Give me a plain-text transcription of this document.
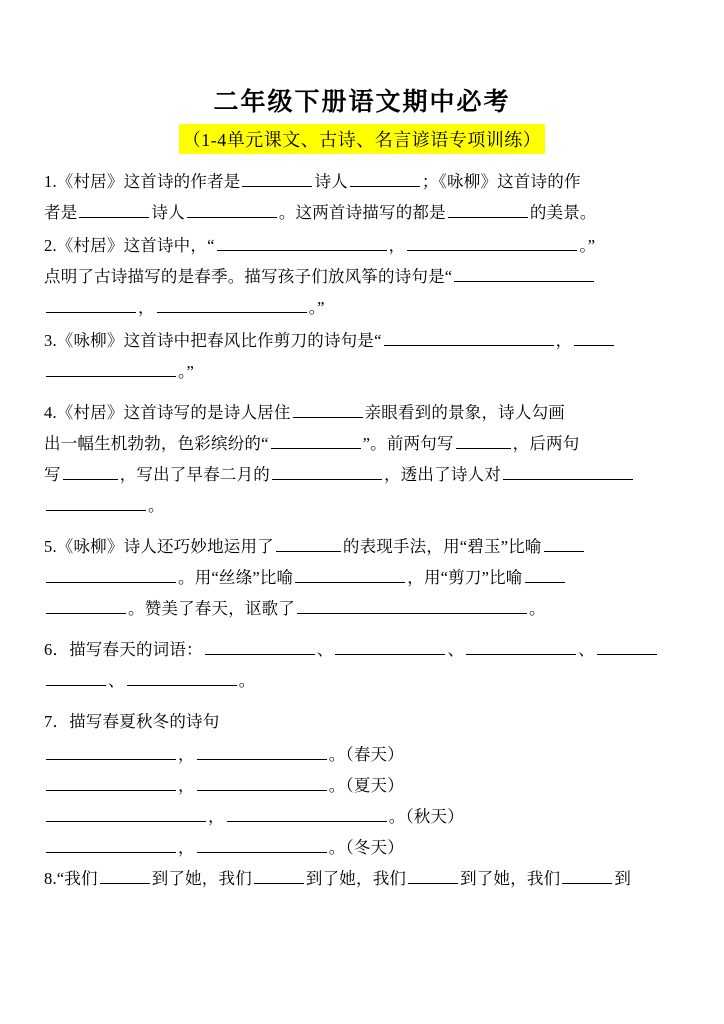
二年级下册语文期中必考
（1-4单元课文、古诗、名言谚语专项训练）

1.《村居》这首诗的作者是	诗人	；《咏柳》这首诗的作
者是	诗人	。这两首诗描写的都是	的美景。

2.《村居》这首诗中，“	，	。”
点明了古诗描写的是春季。描写孩子们放风筝的诗句是“
，	。”

3.《咏柳》这首诗中把春风比作剪刀的诗句是“	，
。”

4.《村居》这首诗写的是诗人居住	亲眼看到的景象，诗人勾画
出一幅生机勃勃，色彩缤纷的“	”。前两句写	，后两句
写	，写出了早春二月的	，透出了诗人对
。

5.《咏柳》诗人还巧妙地运用了	的表现手法，用“碧玉”比喻
。用“丝绦”比喻	，用“剪刀”比喻
。赞美了春天，讴歌了	。

6．描写春天的词语：	、	、	、
、	。

7．描写春夏秋冬的诗句

，	。（春天）

，	。（夏天）

，	。（秋天）

，	。（冬天）

8.“我们	到了她，我们	到了她，我们	到了她，我们	到
